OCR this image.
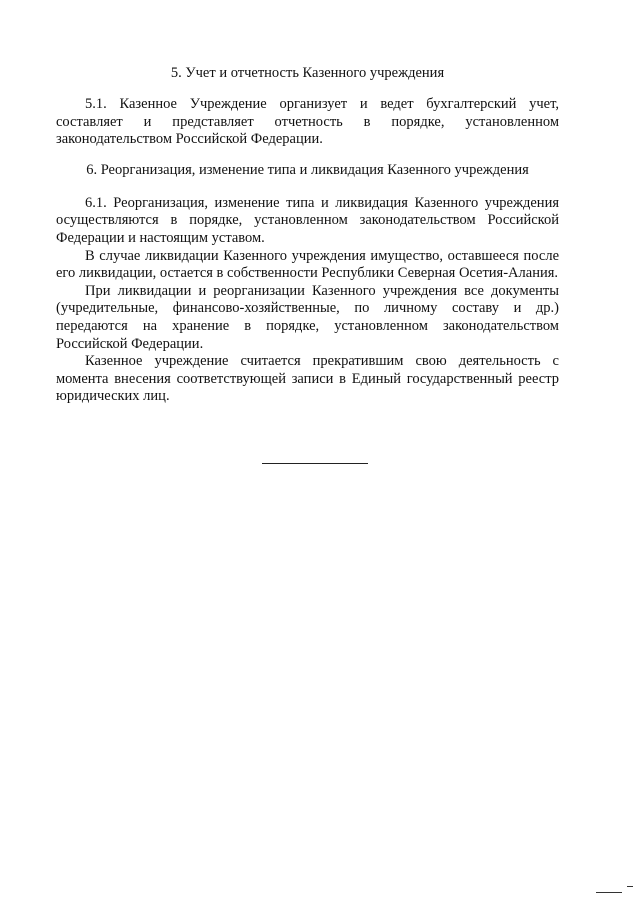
5. Учет и отчетность Казенного учреждения

5.1. Казенное Учреждение организует и ведет бухгалтерский учет, составляет и представляет отчетность в порядке, установленном законодательством Российской Федерации.

6. Реорганизация, изменение типа и ликвидация Казенного учреждения

6.1. Реорганизация, изменение типа и ликвидация Казенного учреждения осуществляются в порядке, установленном законодательством Российской Федерации и настоящим уставом.

В случае ликвидации Казенного учреждения имущество, оставшееся после его ликвидации, остается в собственности Республики Северная Осетия-Алания.

При ликвидации и реорганизации Казенного учреждения все документы (учредительные, финансово-хозяйственные, по личному составу и др.) передаются на хранение в порядке, установленном законодательством Российской Федерации.

Казенное учреждение считается прекратившим свою деятельность с момента внесения соответствующей записи в Единый государственный реестр юридических лиц.
